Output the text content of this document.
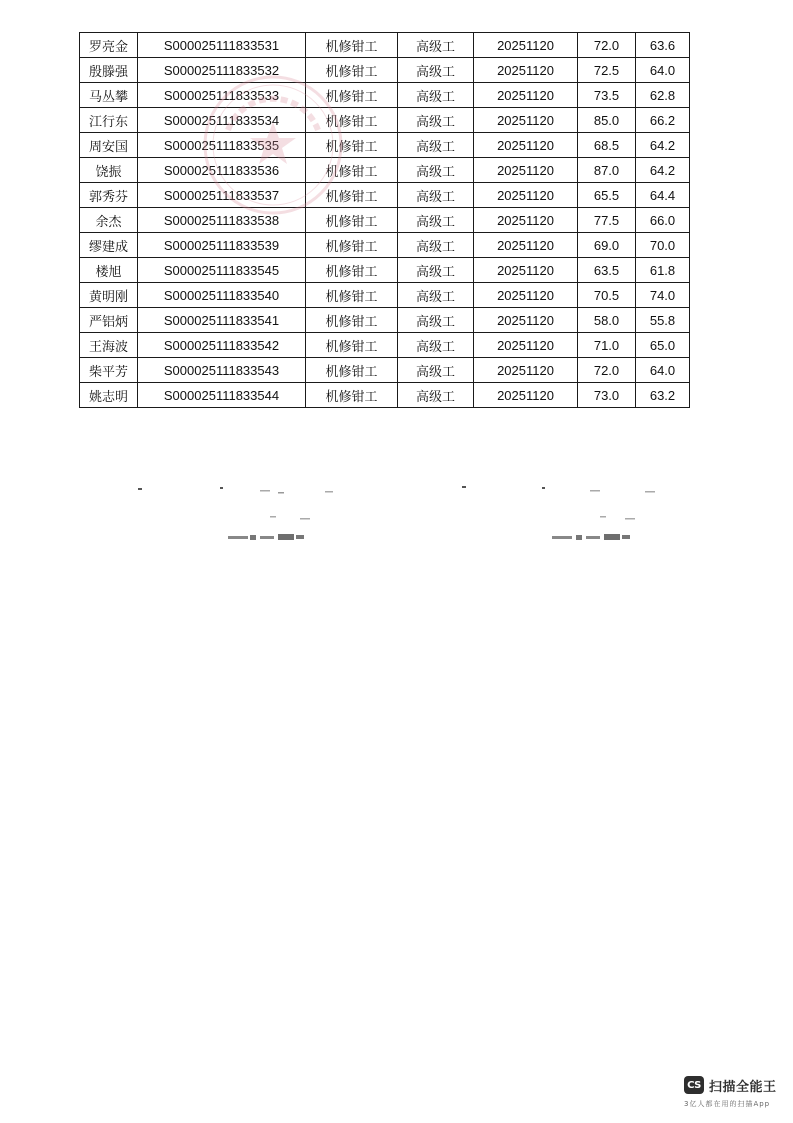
罗亮金	S000025111833531	机修钳工	高级工	20251120	72.0	63.6
殷滕强	S000025111833532	机修钳工	高级工	20251120	72.5	64.0
马丛攀	S000025111833533	机修钳工	高级工	20251120	73.5	62.8
江行东	S000025111833534	机修钳工	高级工	20251120	85.0	66.2
周安国	S000025111833535	机修钳工	高级工	20251120	68.5	64.2
饶振	S000025111833536	机修钳工	高级工	20251120	87.0	64.2
郭秀芬	S000025111833537	机修钳工	高级工	20251120	65.5	64.4
余杰	S000025111833538	机修钳工	高级工	20251120	77.5	66.0
缪建成	S000025111833539	机修钳工	高级工	20251120	69.0	70.0
楼旭	S000025111833545	机修钳工	高级工	20251120	63.5	61.8
黄明刚	S000025111833540	机修钳工	高级工	20251120	70.5	74.0
严铝炳	S000025111833541	机修钳工	高级工	20251120	58.0	55.8
王海波	S000025111833542	机修钳工	高级工	20251120	71.0	65.0
柴平芳	S000025111833543	机修钳工	高级工	20251120	72.0	64.0
姚志明	S000025111833544	机修钳工	高级工	20251120	73.0	63.2
CS 扫描全能王
3亿人都在用的扫描App
